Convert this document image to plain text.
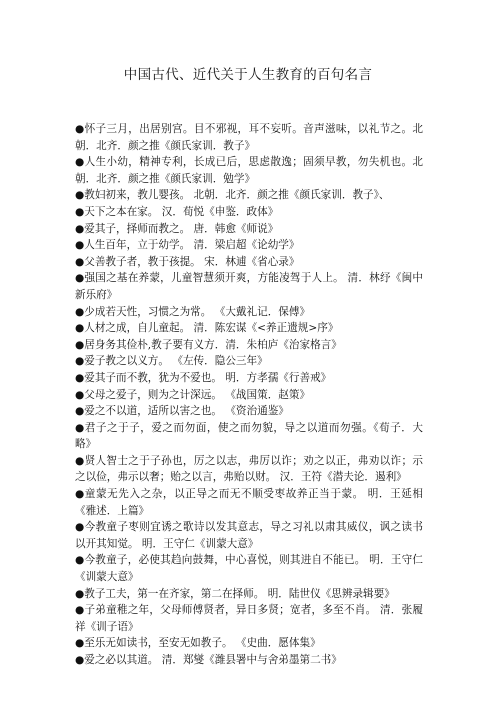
中国古代、近代关于人生教育的百句名言
●怀子三月，出居别宫。目不邪视，耳不妄听。音声滋味，以礼节之。北朝．北齐．颜之推《颜氏家训．教子》
●人生小幼，精神专利，长成已后，思虑散逸；固须早教，勿失机也。北朝．北齐．颜之推《颜氏家训．勉学》
●教妇初来，教儿婴孩。 北朝．北齐．颜之推《颜氏家训．教子》、
●天下之本在家。 汉．荀悦《申鉴．政体》
●爱其子，择师而教之。 唐．韩愈《师说》
●人生百年，立于幼学。 清．梁启超《论幼学》
●父善教子者，教于孩提。 宋．林逋《省心录》
●强国之基在养蒙，儿童智慧须开爽，方能凌驾于人上。 清．林纾《闽中新乐府》
●少成若天性，习惯之为常。 《大戴礼记．保傅》
●人材之成，自儿童起。 清．陈宏谋《<养正遗规>序》
●居身务其俭朴,教子要有义方．清．朱柏庐《治家格言》
●爱子教之以义方。 《左传．隐公三年》
●爱其子而不教，犹为不爱也。 明．方孝孺《行善戒》
●父母之爱子，则为之计深远。 《战国策．赵策》
●爱之不以道，适所以害之也。 《资治通鉴》
●君子之于子，爱之而勿面，使之而勿貌，导之以道而勿强。《荀子．大略》
●贤人智士之于子孙也，厉之以志，弗厉以诈；劝之以正，弗劝以诈；示之以俭，弗示以奢；贻之以言，弗贻以财。 汉．王符《潜夫论．遏利》
●童蒙无先入之杂，以正导之而无不顺受枣故养正当于蒙。 明．王延相《雅述．上篇》
●今教童子枣则宜诱之歌诗以发其意志，导之习礼以肃其威仪，讽之读书以开其知觉。 明．王守仁《训蒙大意》
●今教童子，必使其趋向鼓舞，中心喜悦，则其进自不能已。 明．王守仁《训蒙大意》
●教子工夫，第一在齐家，第二在择师。 明．陆世仪《思辨录辑要》
●子弟童稚之年，父母师傅贤者，异日多贤；宽者，多至不肖。 清．张履祥《训子语》
●至乐无如读书，至安无如教子。 《史曲．愿体集》
●爱之必以其道。 清．郑燮《潍县署中与舍弟墨第二书》
